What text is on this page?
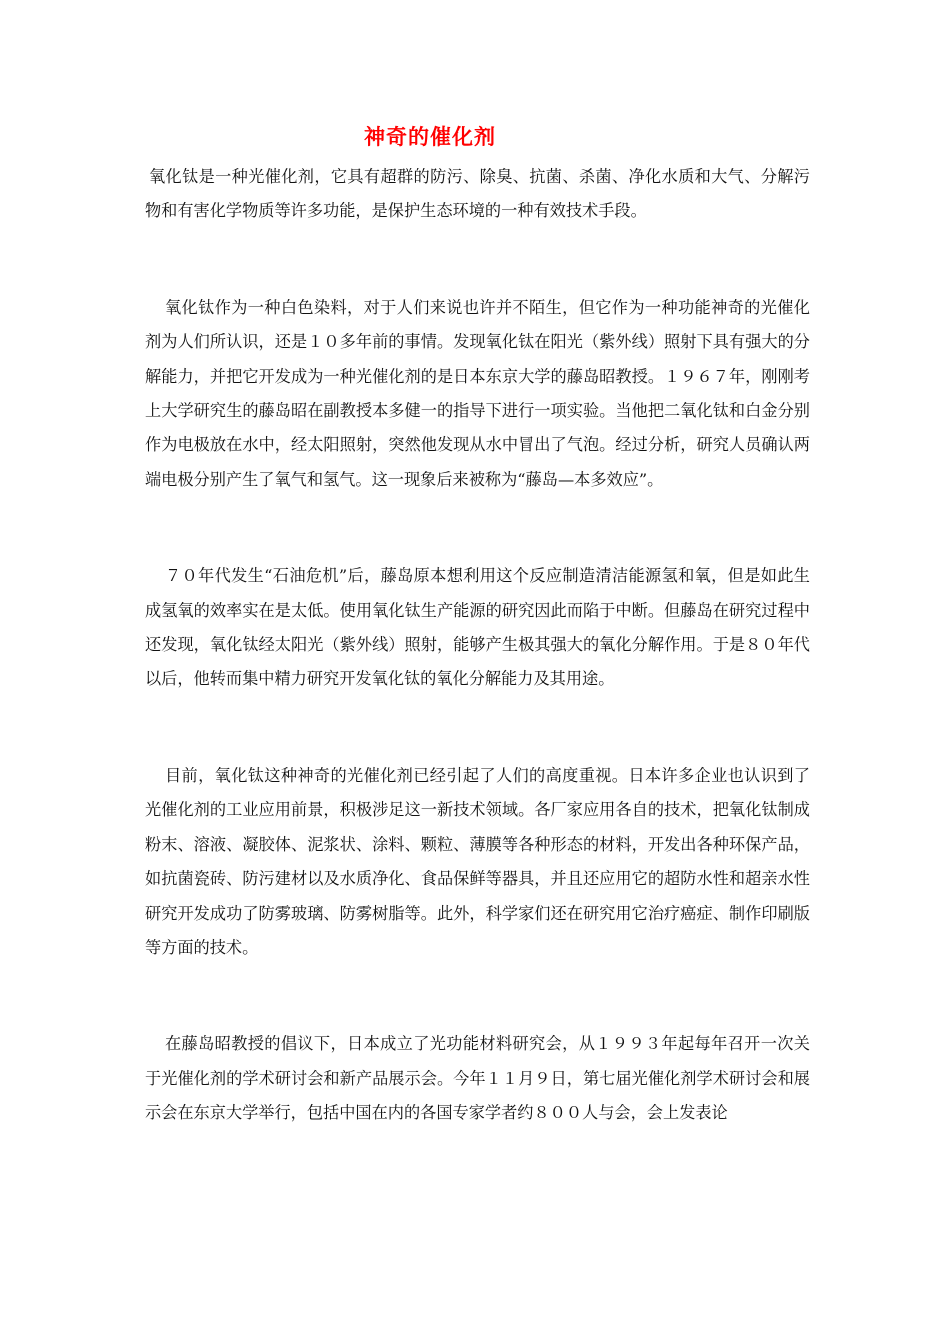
神奇的催化剂

氧化钛是一种光催化剂，它具有超群的防污、除臭、抗菌、杀菌、净化水质和大气、分解污物和有害化学物质等许多功能，是保护生态环境的一种有效技术手段。

氧化钛作为一种白色染料，对于人们来说也许并不陌生，但它作为一种功能神奇的光催化剂为人们所认识，还是１０多年前的事情。发现氧化钛在阳光（紫外线）照射下具有强大的分解能力，并把它开发成为一种光催化剂的是日本东京大学的藤岛昭教授。１９６７年，刚刚考上大学研究生的藤岛昭在副教授本多健一的指导下进行一项实验。当他把二氧化钛和白金分别作为电极放在水中，经太阳照射，突然他发现从水中冒出了气泡。经过分析，研究人员确认两端电极分别产生了氧气和氢气。这一现象后来被称为“藤岛—本多效应”。

７０年代发生“石油危机”后，藤岛原本想利用这个反应制造清洁能源氢和氧，但是如此生成氢氧的效率实在是太低。使用氧化钛生产能源的研究因此而陷于中断。但藤岛在研究过程中还发现，氧化钛经太阳光（紫外线）照射，能够产生极其强大的氧化分解作用。于是８０年代以后，他转而集中精力研究开发氧化钛的氧化分解能力及其用途。

目前，氧化钛这种神奇的光催化剂已经引起了人们的高度重视。日本许多企业也认识到了光催化剂的工业应用前景，积极涉足这一新技术领域。各厂家应用各自的技术，把氧化钛制成粉末、溶液、凝胶体、泥浆状、涂料、颗粒、薄膜等各种形态的材料，开发出各种环保产品，如抗菌瓷砖、防污建材以及水质净化、食品保鲜等器具，并且还应用它的超防水性和超亲水性研究开发成功了防雾玻璃、防雾树脂等。此外，科学家们还在研究用它治疗癌症、制作印刷版等方面的技术。

在藤岛昭教授的倡议下，日本成立了光功能材料研究会，从１９９３年起每年召开一次关于光催化剂的学术研讨会和新产品展示会。今年１１月９日，第七届光催化剂学术研讨会和展示会在东京大学举行，包括中国在内的各国专家学者约８００人与会，会上发表论
